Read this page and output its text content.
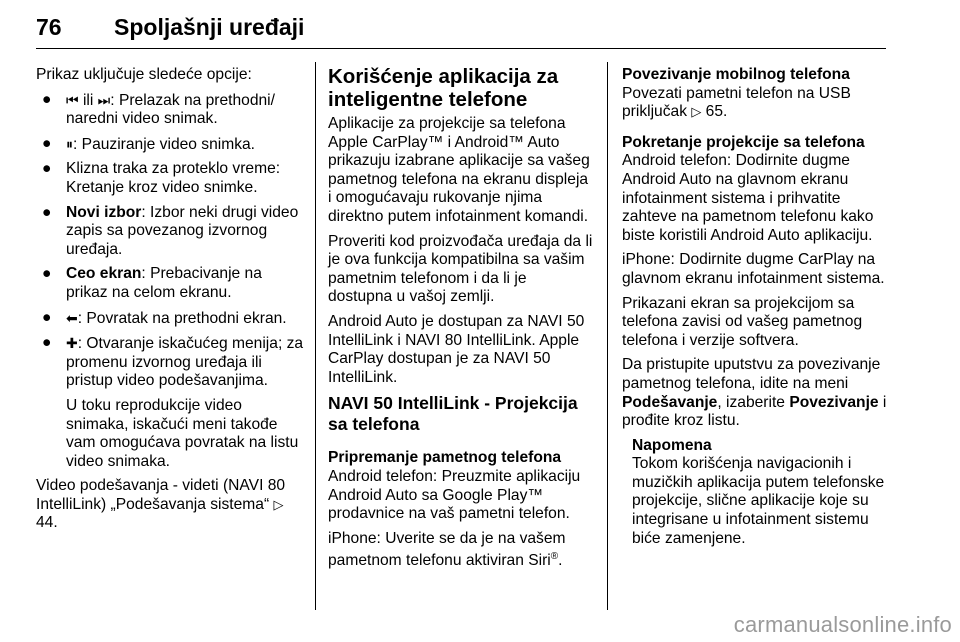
76 Spoljašnji uređaji

Prikaz uključuje sledeće opcije:

● ⏮ ili ⏭: Prelazak na prethodni/ naredni video snimak.
● ⏸: Pauziranje video snimka.
● Klizna traka za proteklo vreme: Kretanje kroz video snimke.
● Novi izbor: Izbor neki drugi video zapis sa povezanog izvornog uređaja.
● Ceo ekran: Prebacivanje na prikaz na celom ekranu.
● ⬅: Povratak na prethodni ekran.
● ✚: Otvaranje iskačućeg menija; za promenu izvornog uređaja ili pristup video podešavanjima.

U toku reprodukcije video snimaka, iskačući meni takođe vam omogućava povratak na listu video snimaka.

Video podešavanja - videti (NAVI 80 IntelliLink) „Podešavanja sistema“ ▷ 44.

Korišćenje aplikacija za inteligentne telefone

Aplikacije za projekcije sa telefona Apple CarPlay™ i Android™ Auto prikazuju izabrane aplikacije sa vašeg pametnog telefona na ekranu displeja i omogućavaju rukovanje njima direktno putem infotainment komandi.

Proveriti kod proizvođača uređaja da li je ova funkcija kompatibilna sa vašim pametnim telefonom i da li je dostupna u vašoj zemlji.

Android Auto je dostupan za NAVI 50 IntelliLink i NAVI 80 IntelliLink. Apple CarPlay dostupan je za NAVI 50 IntelliLink.

NAVI 50 IntelliLink - Projekcija sa telefona

Pripremanje pametnog telefona

Android telefon: Preuzmite aplikaciju Android Auto sa Google Play™ prodavnice na vaš pametni telefon.

iPhone: Uverite se da je na vašem pametnom telefonu aktiviran Siri®.

Povezivanje mobilnog telefona

Povezati pametni telefon na USB priključak ▷ 65.

Pokretanje projekcije sa telefona

Android telefon: Dodirnite dugme Android Auto na glavnom ekranu infotainment sistema i prihvatite zahteve na pametnom telefonu kako biste koristili Android Auto aplikaciju.

iPhone: Dodirnite dugme CarPlay na glavnom ekranu infotainment sistema.

Prikazani ekran sa projekcijom sa telefona zavisi od vašeg pametnog telefona i verzije softvera.

Da pristupite uputstvu za povezivanje pametnog telefona, idite na meni Podešavanje, izaberite Povezivanje i prođite kroz listu.

Napomena

Tokom korišćenja navigacionih i muzičkih aplikacija putem telefonske projekcije, slične aplikacije koje su integrisane u infotainment sistemu biće zamenjene.

carmanualsonline.info
